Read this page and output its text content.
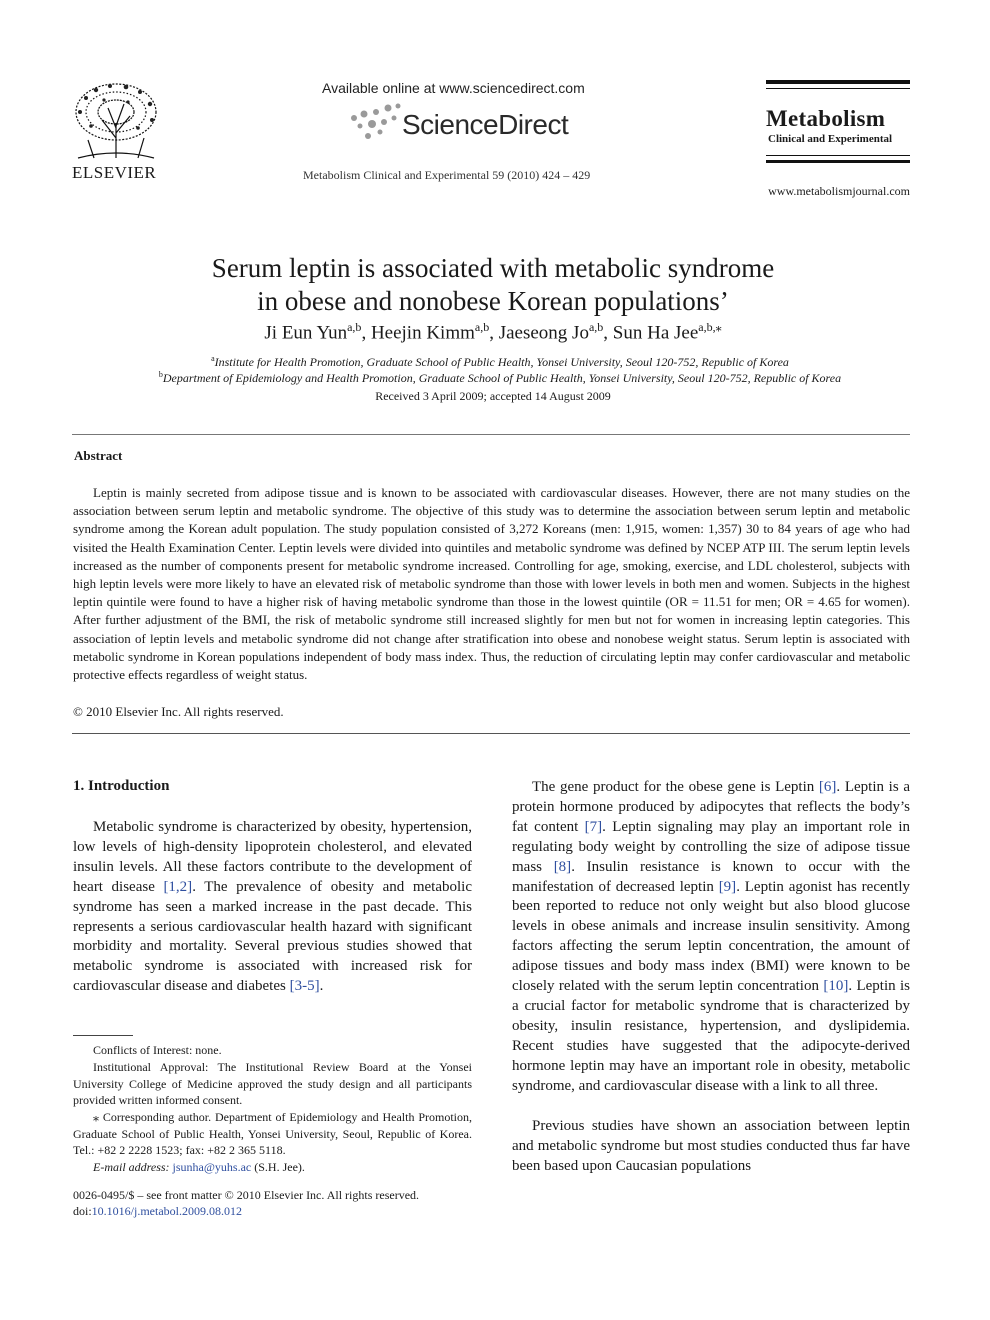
ELSEVIER
Available online at www.sciencedirect.com
ScienceDirect
Metabolism Clinical and Experimental 59 (2010) 424 – 429
Metabolism
Clinical and Experimental
www.metabolismjournal.com
Serum leptin is associated with metabolic syndrome
in obese and nonobese Korean populations’
Ji Eun Yun$^{a,b}$, Heejin Kimm$^{a,b}$, Jaeseong Jo$^{a,b}$, Sun Ha Jee$^{a,b,⁎}$
$^a$Institute for Health Promotion, Graduate School of Public Health, Yonsei University, Seoul 120-752, Republic of Korea
$^b$Department of Epidemiology and Health Promotion, Graduate School of Public Health, Yonsei University, Seoul 120-752, Republic of Korea
Received 3 April 2009; accepted 14 August 2009
Abstract
Leptin is mainly secreted from adipose tissue and is known to be associated with cardiovascular diseases. However, there are not many studies on the association between serum leptin and metabolic syndrome. The objective of this study was to determine the association between serum leptin and metabolic syndrome among the Korean adult population. The study population consisted of 3,272 Koreans (men: 1,915, women: 1,357) 30 to 84 years of age who had visited the Health Examination Center. Leptin levels were divided into quintiles and metabolic syndrome was defined by NCEP ATP III. The serum leptin levels increased as the number of components present for metabolic syndrome increased. Controlling for age, smoking, exercise, and LDL cholesterol, subjects with high leptin levels were more likely to have an elevated risk of metabolic syndrome than those with lower levels in both men and women. Subjects in the highest leptin quintile were found to have a higher risk of having metabolic syndrome than those in the lowest quintile (OR = 11.51 for men; OR = 4.65 for women). After further adjustment of the BMI, the risk of metabolic syndrome still increased slightly for men but not for women in increasing leptin categories. This association of leptin levels and metabolic syndrome did not change after stratification into obese and nonobese weight status. Serum leptin is associated with metabolic syndrome in Korean populations independent of body mass index. Thus, the reduction of circulating leptin may confer cardiovascular and metabolic protective effects regardless of weight status.
© 2010 Elsevier Inc. All rights reserved.
1. Introduction
Metabolic syndrome is characterized by obesity, hypertension, low levels of high-density lipoprotein cholesterol, and elevated insulin levels. All these factors contribute to the development of heart disease [1,2]. The prevalence of obesity and metabolic syndrome has seen a marked increase in the past decade. This represents a serious cardiovascular health hazard with significant morbidity and mortality. Several previous studies showed that metabolic syndrome is associated with increased risk for cardiovascular disease and diabetes [3-5].
The gene product for the obese gene is Leptin [6]. Leptin is a protein hormone produced by adipocytes that reflects the body’s fat content [7]. Leptin signaling may play an important role in regulating body weight by controlling the size of adipose tissue mass [8]. Insulin resistance is known to occur with the manifestation of decreased leptin [9]. Leptin agonist has recently been reported to reduce not only weight but also blood glucose levels in obese animals and increase insulin sensitivity. Among factors affecting the serum leptin concentration, the amount of adipose tissues and body mass index (BMI) were known to be closely related with the serum leptin concentration [10]. Leptin is a crucial factor for metabolic syndrome that is characterized by obesity, insulin resistance, hypertension, and dyslipidemia. Recent studies have suggested that the adipocyte-derived hormone leptin may have an important role in obesity, metabolic syndrome, and cardiovascular disease with a link to all three.
Previous studies have shown an association between leptin and metabolic syndrome but most studies conducted thus far have been based upon Caucasian populations
Conflicts of Interest: none.
Institutional Approval: The Institutional Review Board at the Yonsei University College of Medicine approved the study design and all participants provided written informed consent.
⁎ Corresponding author. Department of Epidemiology and Health Promotion, Graduate School of Public Health, Yonsei University, Seoul, Republic of Korea. Tel.: +82 2 2228 1523; fax: +82 2 365 5118.
E-mail address: jsunha@yuhs.ac (S.H. Jee).
0026-0495/$ – see front matter © 2010 Elsevier Inc. All rights reserved.
doi:10.1016/j.metabol.2009.08.012
